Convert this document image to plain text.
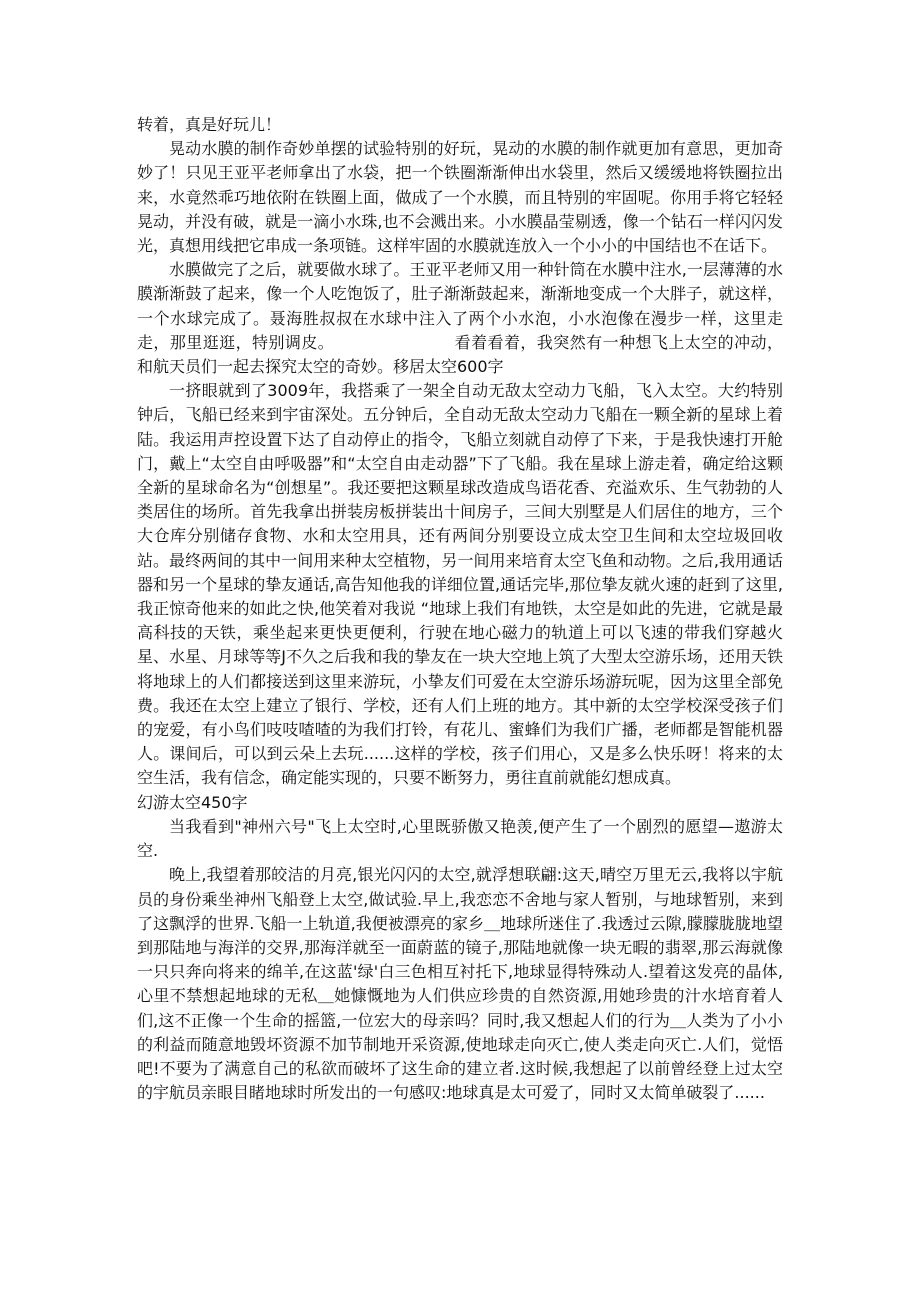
转着，真是好玩儿！

晃动水膜的制作奇妙单摆的试验特别的好玩，晃动的水膜的制作就更加有意思，更加奇妙了！只见王亚平老师拿出了水袋，把一个铁圈渐渐伸出水袋里，然后又缓缓地将铁圈拉出来，水竟然乖巧地依附在铁圈上面，做成了一个水膜，而且特别的牢固呢。你用手将它轻轻晃动，并没有破，就是一滴小水珠,也不会溅出来。小水膜晶莹剔透，像一个钻石一样闪闪发光，真想用线把它串成一条项链。这样牢固的水膜就连放入一个小小的中国结也不在话下。

水膜做完了之后，就要做水球了。王亚平老师又用一种针筒在水膜中注水,一层薄薄的水膜渐渐鼓了起来，像一个人吃饱饭了，肚子渐渐鼓起来，渐渐地变成一个大胖子，就这样，一个水球完成了。聂海胜叔叔在水球中注入了两个小水泡，小水泡像在漫步一样，这里走走，那里逛逛，特别调皮。	看着看着，我突然有一种想飞上太空的冲动，和航天员们一起去探究太空的奇妙。移居太空600字

一挤眼就到了3009年，我搭乘了一架全自动无敌太空动力飞船，飞入太空。大约特别钟后，飞船已经来到宇宙深处。五分钟后，全自动无敌太空动力飞船在一颗全新的星球上着陆。我运用声控设置下达了自动停止的指令，飞船立刻就自动停了下来，于是我快速打开舱门，戴上“太空自由呼吸器”和“太空自由走动器”下了飞船。我在星球上游走着，确定给这颗全新的星球命名为“创想星”。我还要把这颗星球改造成鸟语花香、充溢欢乐、生气勃勃的人类居住的场所。首先我拿出拼装房板拼装出十间房子，三间大别墅是人们居住的地方，三个大仓库分别储存食物、水和太空用具，还有两间分别要设立成太空卫生间和太空垃圾回收站。最终两间的其中一间用来种太空植物，另一间用来培育太空飞鱼和动物。之后,我用通话器和另一个星球的挚友通话,高告知他我的详细位置,通话完毕,那位挚友就火速的赶到了这里,我正惊奇他来的如此之快,他笑着对我说 “地球上我们有地铁，太空是如此的先进，它就是最高科技的天铁，乘坐起来更快更便利，行驶在地心磁力的轨道上可以飞速的带我们穿越火星、水星、月球等等J不久之后我和我的挚友在一块大空地上筑了大型太空游乐场，还用天铁将地球上的人们都接送到这里来游玩，小挚友们可爱在太空游乐场游玩呢，因为这里全部免费。我还在太空上建立了银行、学校，还有人们上班的地方。其中新的太空学校深受孩子们的宠爱，有小鸟们吱吱喳喳的为我们打铃，有花儿、蜜蜂们为我们广播，老师都是智能机器人。课间后，可以到云朵上去玩......这样的学校，孩子们用心，又是多么快乐呀！将来的太空生活，我有信念，确定能实现的，只要不断努力，勇往直前就能幻想成真。

幻游太空450字

当我看到"神州六号"飞上太空时,心里既骄傲又艳羡,便产生了一个剧烈的愿望—遨游太空.

晚上,我望着那皎洁的月亮,银光闪闪的太空,就浮想联翩:这天,晴空万里无云,我将以宇航员的身份乘坐神州飞船登上太空,做试验.早上,我恋恋不舍地与家人暂别，与地球暂别，来到了这飘浮的世界.飞船一上轨道,我便被漂亮的家乡＿地球所迷住了.我透过云隙,朦朦胧胧地望到那陆地与海洋的交界,那海洋就至一面蔚蓝的镜子,那陆地就像一块无暇的翡翠,那云海就像一只只奔向将来的绵羊,在这蓝'绿'白三色相互衬托下,地球显得特殊动人.望着这发亮的晶体,心里不禁想起地球的无私＿她慷慨地为人们供应珍贵的自然资源,用她珍贵的汁水培育着人们,这不正像一个生命的摇篮,一位宏大的母亲吗？同时,我又想起人们的行为＿人类为了小小的利益而随意地毁坏资源不加节制地开采资源,使地球走向灭亡,使人类走向灭亡.人们，觉悟吧!不要为了满意自己的私欲而破坏了这生命的建立者.这时候,我想起了以前曾经登上过太空的宇航员亲眼目睹地球时所发出的一句感叹:地球真是太可爱了，同时又太简单破裂了......
